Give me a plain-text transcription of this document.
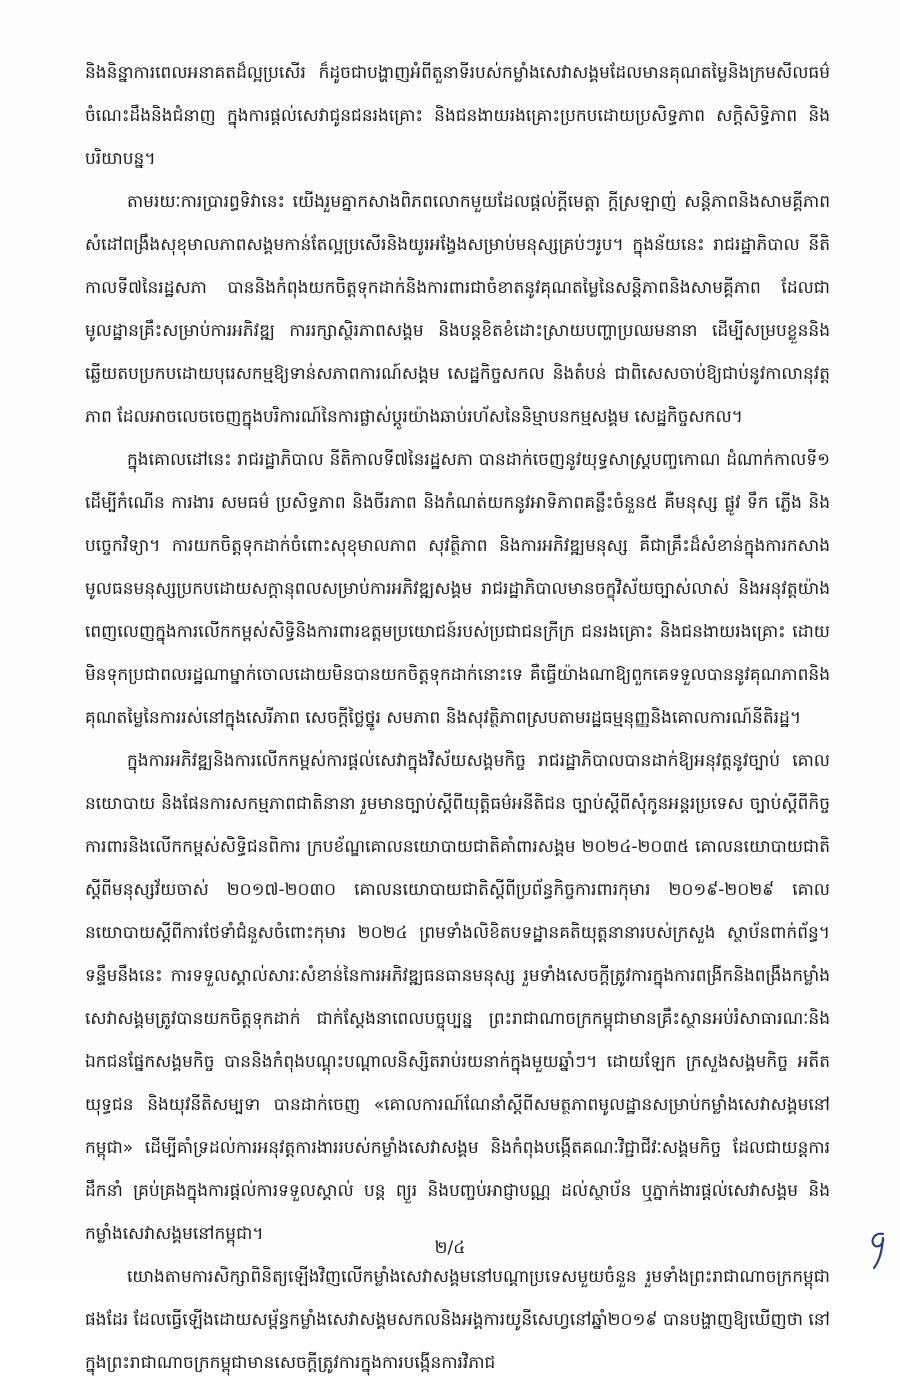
និងនិន្នាការពេលអនាគតដ៏ល្អប្រសើរ ក៏ដូចជាបង្ហាញអំពីតួនាទីរបស់កម្លាំងសេវាសង្គមដែលមានគុណតម្លៃនិងក្រមសីលធម៌ ចំណេះដឹងនិងជំនាញ ក្នុងការផ្ដល់សេវាជូនជនរងគ្រោះ និងជនងាយរងគ្រោះប្រកបដោយប្រសិទ្ធភាព សក្តិសិទ្ធិភាព និងបរិយាបន្ន។

តាមរយៈការប្រារព្ធទិវានេះ យើងរួមគ្នាកសាងពិភពលោកមួយដែលផ្ដល់ក្ដីមេត្តា ក្ដីស្រឡាញ់ សន្តិភាពនិងសាមគ្គីភាព សំដៅពង្រឹងសុខុមាលភាពសង្គមកាន់តែល្អប្រសើរនិងយូរអង្វែងសម្រាប់មនុស្សគ្រប់ៗរូប។ ក្នុងន័យនេះ រាជរដ្ឋាភិបាល នីតិកាលទី៧នៃរដ្ឋសភា បាននិងកំពុងយកចិត្តទុកដាក់និងការពារជាចំខាតនូវគុណតម្លៃនៃសន្តិភាពនិងសាមគ្គីភាព ដែលជាមូលដ្ឋានគ្រឹះសម្រាប់ការអភិវឌ្ឍ ការរក្សាស្ថិរភាពសង្គម និងបន្តខិតខំដោះស្រាយបញ្ហាប្រឈមនានា ដើម្បីសម្របខ្លួននិងឆ្លើយតបប្រកបដោយបុរេសកម្មឱ្យទាន់សភាពការណ៍សង្គម សេដ្ឋកិច្ចសកល និងតំបន់ ជាពិសេសចាប់ឱ្យជាប់នូវកាលានុវត្តភាព ដែលអាចលេចចេញក្នុងបរិការណ៍នៃការផ្លាស់ប្តូរយ៉ាងឆាប់រហ័សនៃនិម្មាបនកម្មសង្គម សេដ្ឋកិច្ចសកល។

ក្នុងគោលដៅនេះ រាជរដ្ឋាភិបាល នីតិកាលទី៧នៃរដ្ឋសភា បានដាក់ចេញនូវយុទ្ធសាស្ត្របញ្ចកោណ ដំណាក់កាលទី១ ដើម្បីកំណើន ការងារ សមធម៌ ប្រសិទ្ធភាព និងចីរភាព និងកំណត់យកនូវអាទិភាពគន្លឹះចំនួន៥ គឺមនុស្ស ផ្លូវ ទឹក ភ្លើង និងបច្ចេកវិទ្យា។ ការយកចិត្តទុកដាក់ចំពោះសុខុមាលភាព សុវត្ថិភាព និងការអភិវឌ្ឍមនុស្ស គឺជាគ្រឹះដ៏សំខាន់ក្នុងការកសាងមូលធនមនុស្សប្រកបដោយសក្តានុពលសម្រាប់ការអភិវឌ្ឍសង្គម រាជរដ្ឋាភិបាលមានចក្ខុវិស័យច្បាស់លាស់ និងអនុវត្តយ៉ាងពេញលេញក្នុងការលើកកម្ពស់សិទ្ធិនិងការពារឧត្តមប្រយោជន៍របស់ប្រជាជនក្រីក្រ ជនរងគ្រោះ និងជនងាយរងគ្រោះ ដោយមិនទុកប្រជាពលរដ្ឋណាម្នាក់ចោលដោយមិនបានយកចិត្តទុកដាក់នោះទេ គឺធ្វើយ៉ាងណាឱ្យពួកគេទទួលបាននូវគុណភាពនិងគុណតម្លៃនៃការរស់នៅក្នុងសេរីភាព សេចក្ដីថ្លៃថ្នូរ សមភាព និងសុវត្ថិភាពស្របតាមរដ្ឋធម្មនុញ្ញនិងគោលការណ៍នីតិរដ្ឋ។

ក្នុងការអភិវឌ្ឍនិងការលើកកម្ពស់ការផ្ដល់សេវាក្នុងវិស័យសង្គមកិច្ច រាជរដ្ឋាភិបាលបានដាក់ឱ្យអនុវត្តនូវច្បាប់ គោលនយោបាយ និងផែនការសកម្មភាពជាតិនានា រួមមានច្បាប់ស្ដីពីយុត្តិធម៌អនីតិជន ច្បាប់ស្តីពីសុំកូនអន្តរប្រទេស ច្បាប់ស្ដីពីកិច្ចការពារនិងលើកកម្ពស់សិទ្ធិជនពិការ ក្របខ័ណ្ឌគោលនយោបាយជាតិគាំពារសង្គម ២០២៤-២០៣៥ គោលនយោបាយជាតិស្តីពីមនុស្សវ័យចាស់ ២០១៧-២០៣០ គោលនយោបាយជាតិស្ដីពីប្រព័ន្ធកិច្ចការពារកុមារ ២០១៩-២០២៩ គោលនយោបាយស្ដីពីការថែទាំជំនួសចំពោះកុមារ ២០២៤ ព្រមទាំងលិខិតបទដ្ឋានគតិយុត្តនានារបស់ក្រសួង ស្ថាប័នពាក់ព័ន្ធ។ ទន្ទឹមនឹងនេះ ការទទួលស្គាល់សារៈសំខាន់នៃការអភិវឌ្ឍធនធានមនុស្ស រួមទាំងសេចក្តីត្រូវការក្នុងការពង្រីកនិងពង្រឹងកម្លាំងសេវាសង្គមត្រូវបានយកចិត្តទុកដាក់ ជាក់ស្ដែងនាពេលបច្ចុប្បន្ន ព្រះរាជាណាចក្រកម្ពុជាមានគ្រឹះស្ថានអប់រំសាធារណៈនិងឯកជនផ្នែកសង្គមកិច្ច បាននិងកំពុងបណ្ដុះបណ្ដាលនិស្សិតរាប់រយនាក់ក្នុងមួយឆ្នាំៗ។ ដោយឡែក ក្រសួងសង្គមកិច្ច អតីតយុទ្ធជន និងយុវនីតិសម្បទា បានដាក់ចេញ «គោលការណ៍ណែនាំស្ដីពីសមត្ថភាពមូលដ្ឋានសម្រាប់កម្លាំងសេវាសង្គមនៅកម្ពុជា» ដើម្បីគាំទ្រដល់ការអនុវត្តការងាររបស់កម្លាំងសេវាសង្គម និងកំពុងបង្កើតគណៈវិជ្ជាជីវៈសង្គមកិច្ច ដែលជាយន្តការដឹកនាំ គ្រប់គ្រងក្នុងការផ្ដល់ការទទួលស្គាល់ បន្ត ព្យួរ និងបញ្ចប់អាជ្ញាបណ្ណ ដល់ស្ថាប័ន ឬភ្នាក់ងារផ្ដល់សេវាសង្គម និងកម្លាំងសេវាសង្គមនៅកម្ពុជា។

យោងតាមការសិក្សាពិនិត្យឡើងវិញលើកម្លាំងសេវាសង្គមនៅបណ្ដាប្រទេសមួយចំនួន រួមទាំងព្រះរាជាណាចក្រកម្ពុជាផងដែរ ដែលធ្វើឡើងដោយសម្ព័ន្ធកម្លាំងសេវាសង្គមសកលនិងអង្គការយូនីសេហ្វនៅឆ្នាំ២០១៩ បានបង្ហាញឱ្យឃើញថា នៅក្នុងព្រះរាជាណាចក្រកម្ពុជាមានសេចក្ដីត្រូវការក្នុងការបង្កើនការវិភាជ

២/៤
